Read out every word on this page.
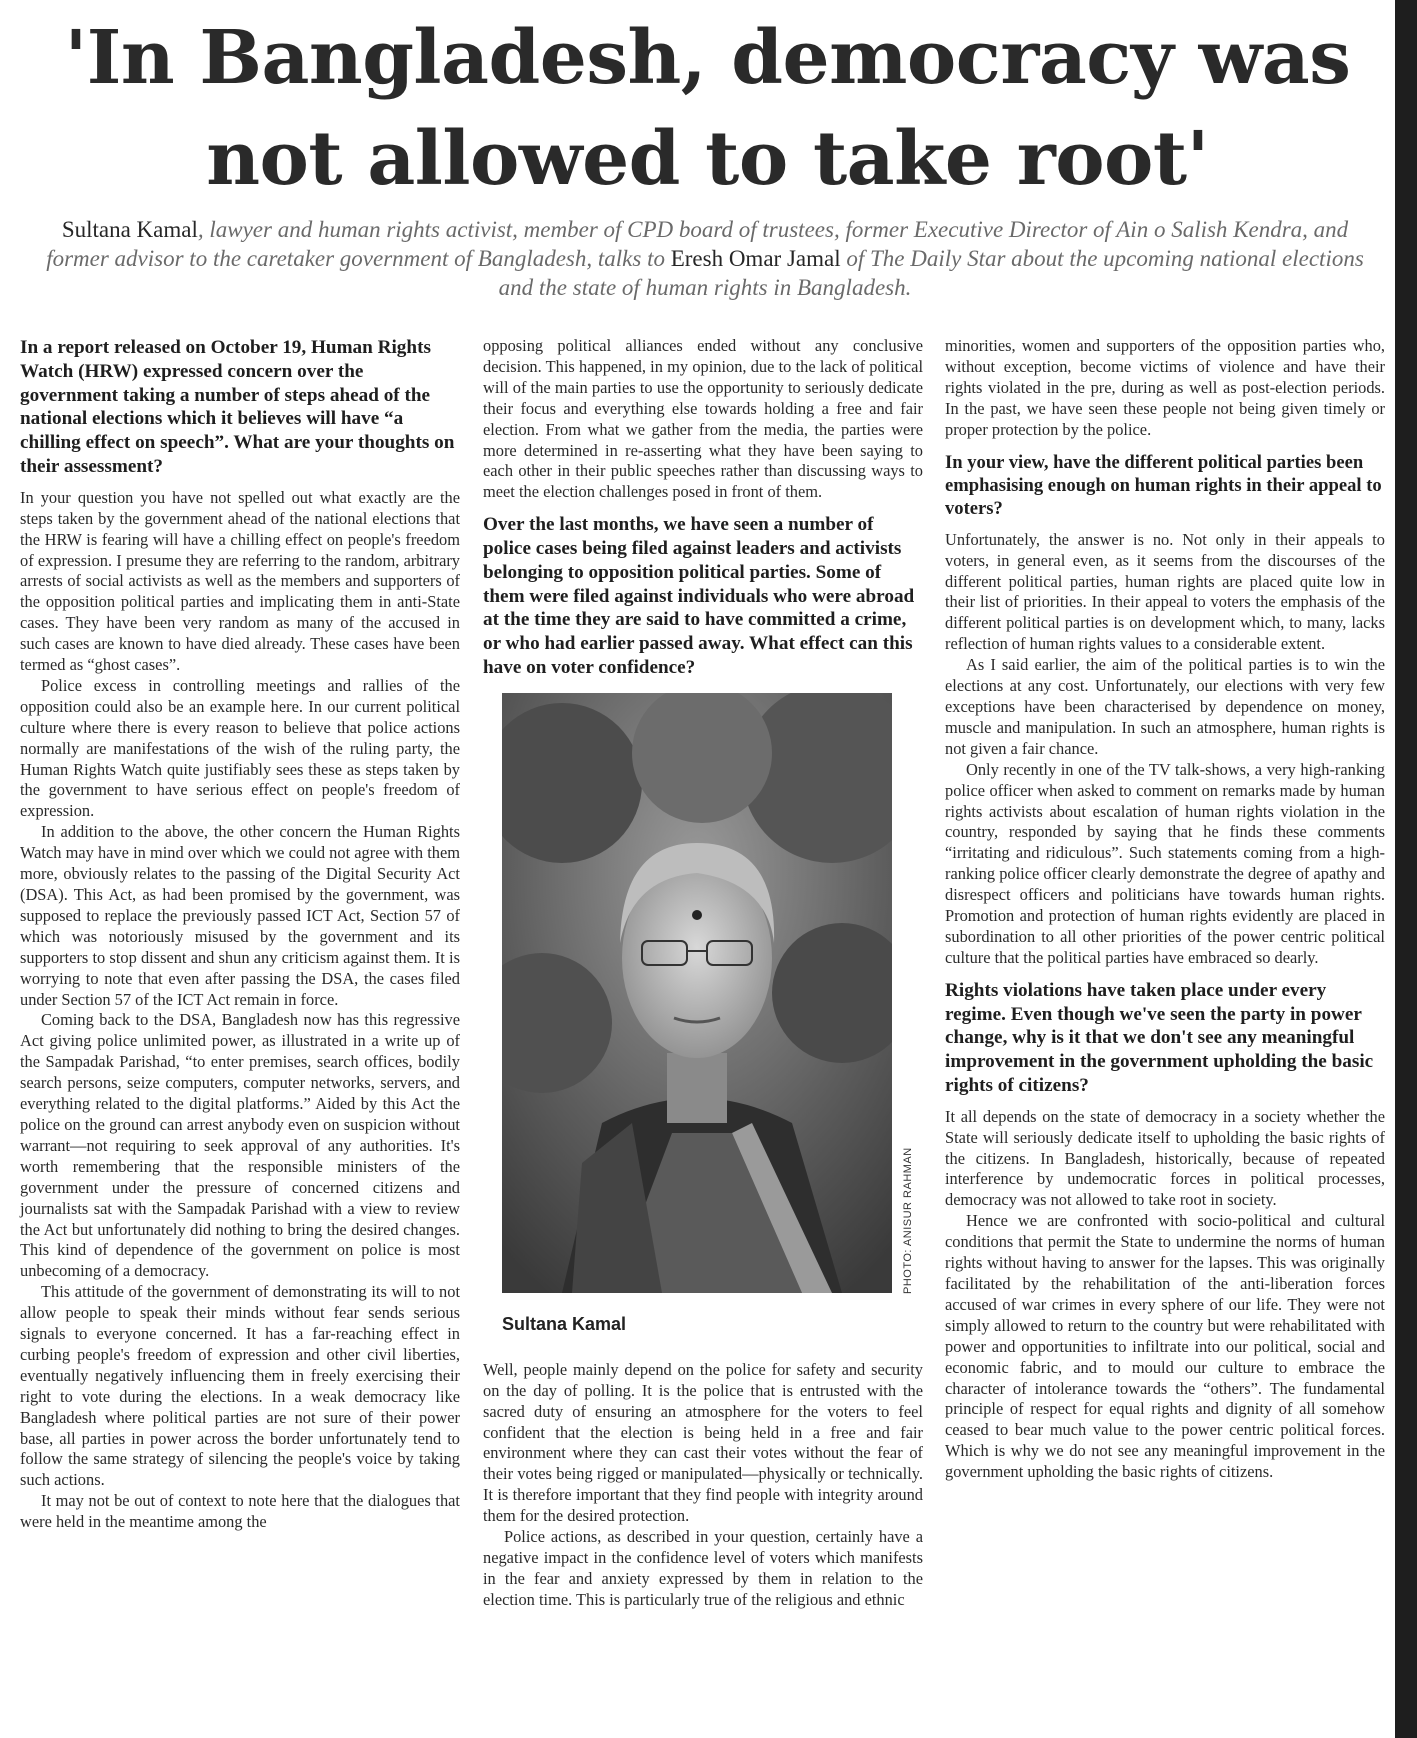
'In Bangladesh, democracy was not allowed to take root'

Sultana Kamal, lawyer and human rights activist, member of CPD board of trustees, former Executive Director of Ain o Salish Kendra, and former advisor to the caretaker government of Bangladesh, talks to Eresh Omar Jamal of The Daily Star about the upcoming national elections and the state of human rights in Bangladesh.

In a report released on October 19, Human Rights Watch (HRW) expressed concern over the government taking a number of steps ahead of the national elections which it believes will have “a chilling effect on speech”. What are your thoughts on their assessment?

In your question you have not spelled out what exactly are the steps taken by the government ahead of the national elections that the HRW is fearing will have a chilling effect on people's freedom of expression. I presume they are referring to the random, arbitrary arrests of social activists as well as the members and supporters of the opposition political parties and implicating them in anti-State cases. They have been very random as many of the accused in such cases are known to have died already. These cases have been termed as “ghost cases”.

Police excess in controlling meetings and rallies of the opposition could also be an example here. In our current political culture where there is every reason to believe that police actions normally are manifestations of the wish of the ruling party, the Human Rights Watch quite justifiably sees these as steps taken by the government to have serious effect on people's freedom of expression.

In addition to the above, the other concern the Human Rights Watch may have in mind over which we could not agree with them more, obviously relates to the passing of the Digital Security Act (DSA). This Act, as had been promised by the government, was supposed to replace the previously passed ICT Act, Section 57 of which was notoriously misused by the government and its supporters to stop dissent and shun any criticism against them. It is worrying to note that even after passing the DSA, the cases filed under Section 57 of the ICT Act remain in force.

Coming back to the DSA, Bangladesh now has this regressive Act giving police unlimited power, as illustrated in a write up of the Sampadak Parishad, “to enter premises, search offices, bodily search persons, seize computers, computer networks, servers, and everything related to the digital platforms.” Aided by this Act the police on the ground can arrest anybody even on suspicion without warrant—not requiring to seek approval of any authorities. It's worth remembering that the responsible ministers of the government under the pressure of concerned citizens and journalists sat with the Sampadak Parishad with a view to review the Act but unfortunately did nothing to bring the desired changes. This kind of dependence of the government on police is most unbecoming of a democracy.

This attitude of the government of demonstrating its will to not allow people to speak their minds without fear sends serious signals to everyone concerned. It has a far-reaching effect in curbing people's freedom of expression and other civil liberties, eventually negatively influencing them in freely exercising their right to vote during the elections. In a weak democracy like Bangladesh where political parties are not sure of their power base, all parties in power across the border unfortunately tend to follow the same strategy of silencing the people's voice by taking such actions.

It may not be out of context to note here that the dialogues that were held in the meantime among the

opposing political alliances ended without any conclusive decision. This happened, in my opinion, due to the lack of political will of the main parties to use the opportunity to seriously dedicate their focus and everything else towards holding a free and fair election. From what we gather from the media, the parties were more determined in re-asserting what they have been saying to each other in their public speeches rather than discussing ways to meet the election challenges posed in front of them.

Over the last months, we have seen a number of police cases being filed against leaders and activists belonging to opposition political parties. Some of them were filed against individuals who were abroad at the time they are said to have committed a crime, or who had earlier passed away. What effect can this have on voter confidence?

PHOTO: ANISUR RAHMAN
Sultana Kamal

Well, people mainly depend on the police for safety and security on the day of polling. It is the police that is entrusted with the sacred duty of ensuring an atmosphere for the voters to feel confident that the election is being held in a free and fair environment where they can cast their votes without the fear of their votes being rigged or manipulated—physically or technically. It is therefore important that they find people with integrity around them for the desired protection.

Police actions, as described in your question, certainly have a negative impact in the confidence level of voters which manifests in the fear and anxiety expressed by them in relation to the election time. This is particularly true of the religious and ethnic

minorities, women and supporters of the opposition parties who, without exception, become victims of violence and have their rights violated in the pre, during as well as post-election periods. In the past, we have seen these people not being given timely or proper protection by the police.

In your view, have the different political parties been emphasising enough on human rights in their appeal to voters?

Unfortunately, the answer is no. Not only in their appeals to voters, in general even, as it seems from the discourses of the different political parties, human rights are placed quite low in their list of priorities. In their appeal to voters the emphasis of the different political parties is on development which, to many, lacks reflection of human rights values to a considerable extent.

As I said earlier, the aim of the political parties is to win the elections at any cost. Unfortunately, our elections with very few exceptions have been characterised by dependence on money, muscle and manipulation. In such an atmosphere, human rights is not given a fair chance.

Only recently in one of the TV talk-shows, a very high-ranking police officer when asked to comment on remarks made by human rights activists about escalation of human rights violation in the country, responded by saying that he finds these comments “irritating and ridiculous”. Such statements coming from a high-ranking police officer clearly demonstrate the degree of apathy and disrespect officers and politicians have towards human rights. Promotion and protection of human rights evidently are placed in subordination to all other priorities of the power centric political culture that the political parties have embraced so dearly.

Rights violations have taken place under every regime. Even though we've seen the party in power change, why is it that we don't see any meaningful improvement in the government upholding the basic rights of citizens?

It all depends on the state of democracy in a society whether the State will seriously dedicate itself to upholding the basic rights of the citizens. In Bangladesh, historically, because of repeated interference by undemocratic forces in political processes, democracy was not allowed to take root in society.

Hence we are confronted with socio-political and cultural conditions that permit the State to undermine the norms of human rights without having to answer for the lapses. This was originally facilitated by the rehabilitation of the anti-liberation forces accused of war crimes in every sphere of our life. They were not simply allowed to return to the country but were rehabilitated with power and opportunities to infiltrate into our political, social and economic fabric, and to mould our culture to embrace the character of intolerance towards the “others”. The fundamental principle of respect for equal rights and dignity of all somehow ceased to bear much value to the power centric political forces. Which is why we do not see any meaningful improvement in the government upholding the basic rights of citizens.
